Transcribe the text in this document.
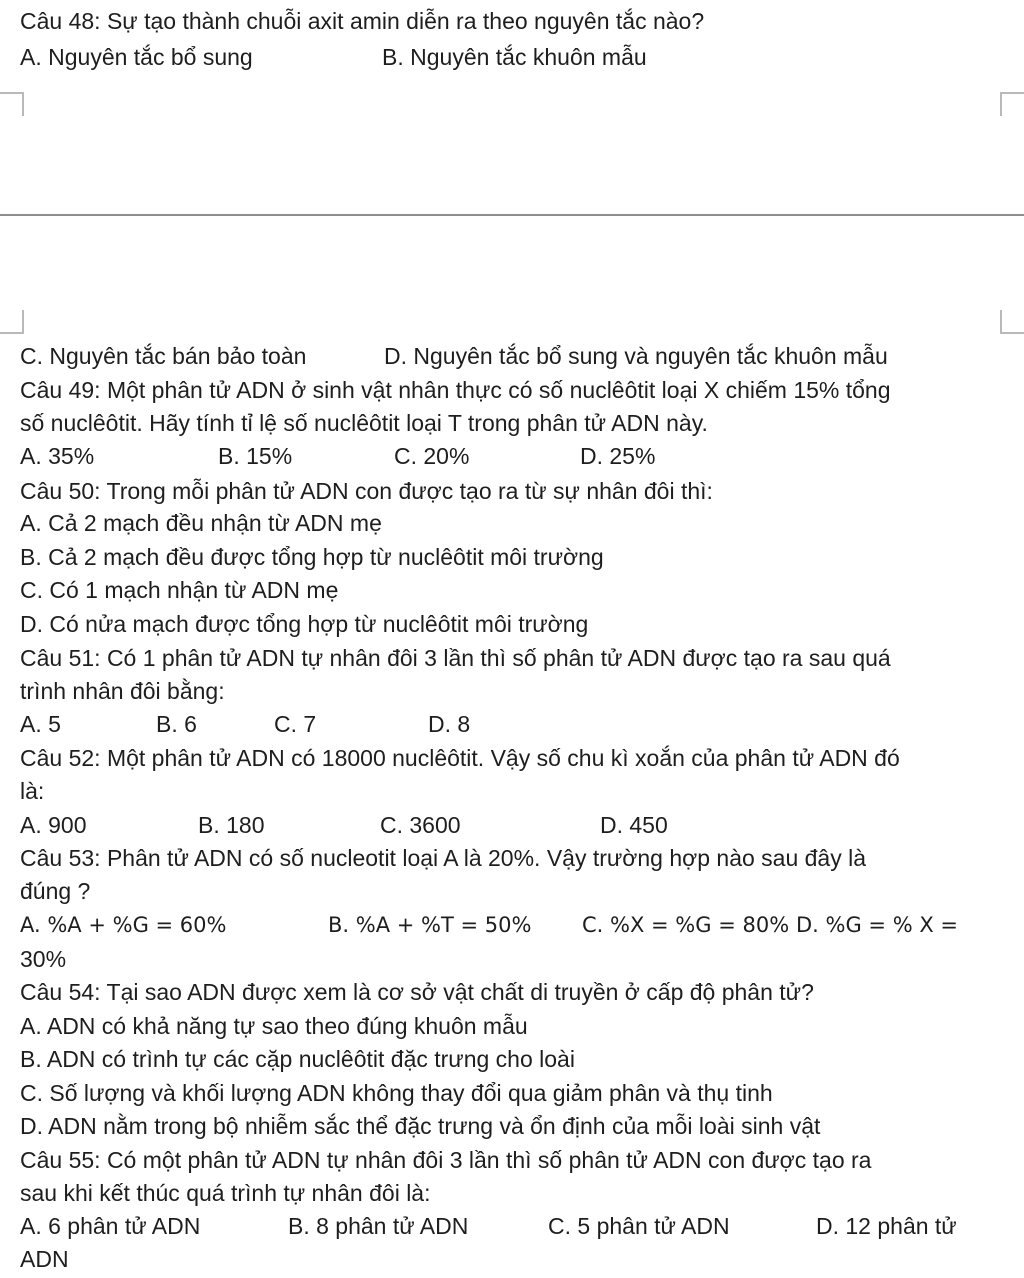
Câu 48: Sự tạo thành chuỗi axit amin diễn ra theo nguyên tắc nào?
A. Nguyên tắc bổ sung	B. Nguyên tắc khuôn mẫu
C. Nguyên tắc bán bảo toàn	D. Nguyên tắc bổ sung và nguyên tắc khuôn mẫu
Câu 49: Một phân tử ADN ở sinh vật nhân thực có số nuclêôtit loại X chiếm 15% tổng
số nuclêôtit. Hãy tính tỉ lệ số nuclêôtit loại T trong phân tử ADN này.
A. 35%	B. 15%	C. 20%	D. 25%
Câu 50: Trong mỗi phân tử ADN con được tạo ra từ sự nhân đôi thì:
A. Cả 2 mạch đều nhận từ ADN mẹ
B. Cả 2 mạch đều được tổng hợp từ nuclêôtit môi trường
C. Có 1 mạch nhận từ ADN mẹ
D. Có nửa mạch được tổng hợp từ nuclêôtit môi trường
Câu 51: Có 1 phân tử ADN tự nhân đôi 3 lần thì số phân tử ADN được tạo ra sau quá
trình nhân đôi bằng:
A. 5	B. 6	C. 7	D. 8
Câu 52: Một phân tử ADN có 18000 nuclêôtit. Vậy số chu kì xoắn của phân tử ADN đó
là:
A. 900	B. 180	C. 3600	D. 450
Câu 53: Phân tử ADN có số nucleotit loại A là 20%. Vậy trường hợp nào sau đây là
đúng ?
A. %A + %G = 60%	B. %A + %T = 50% C. %X = %G = 80% D. %G = % X =
30%
Câu 54: Tại sao ADN được xem là cơ sở vật chất di truyền ở cấp độ phân tử?
A. ADN có khả năng tự sao theo đúng khuôn mẫu
B. ADN có trình tự các cặp nuclêôtit đặc trưng cho loài
C. Số lượng và khối lượng ADN không thay đổi qua giảm phân và thụ tinh
D. ADN nằm trong bộ nhiễm sắc thể đặc trưng và ổn định của mỗi loài sinh vật
Câu 55: Có một phân tử ADN tự nhân đôi 3 lần thì số phân tử ADN con được tạo ra
sau khi kết thúc quá trình tự nhân đôi là:
A. 6 phân tử ADN	B. 8 phân tử ADN	C. 5 phân tử ADN	D. 12 phân tử
ADN
